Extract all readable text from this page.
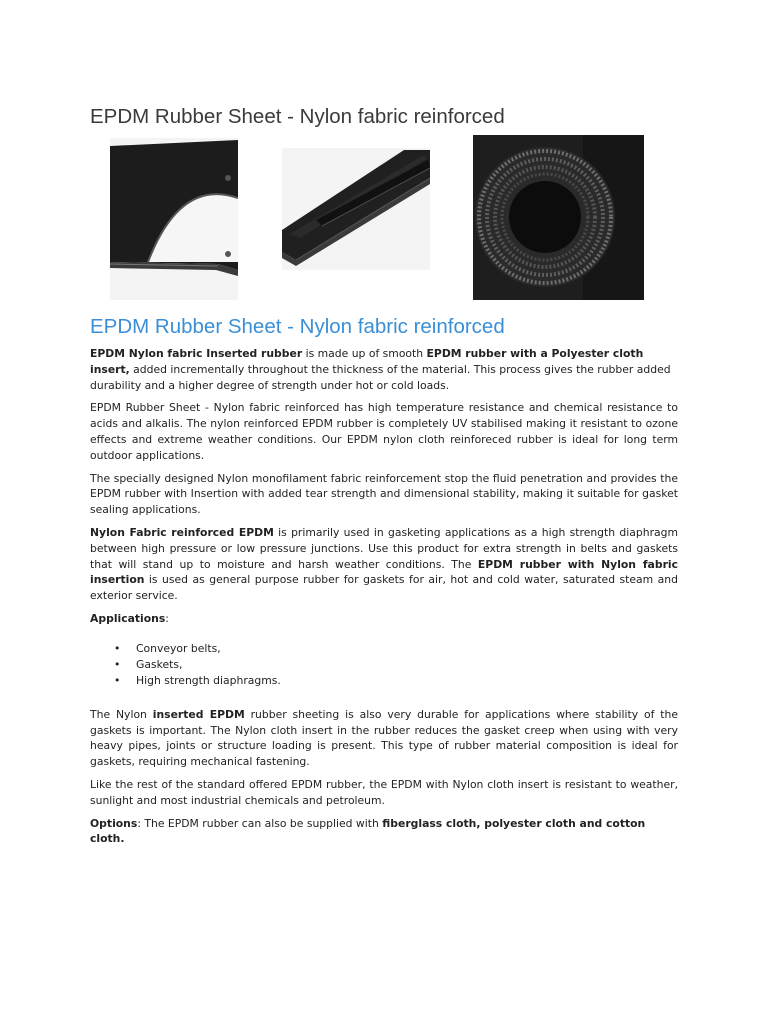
EPDM Rubber Sheet - Nylon fabric reinforced
EPDM Rubber Sheet - Nylon fabric reinforced

EPDM Nylon fabric Inserted rubber is made up of smooth EPDM rubber with a Polyester cloth insert, added incrementally throughout the thickness of the material. This process gives the rubber added durability and a higher degree of strength under hot or cold loads.

EPDM Rubber Sheet - Nylon fabric reinforced has high temperature resistance and chemical resistance to acids and alkalis. The nylon reinforced EPDM rubber is completely UV stabilised making it resistant to ozone effects and extreme weather conditions. Our EPDM nylon cloth reinforeced rubber is ideal for long term outdoor applications.

The specially designed Nylon monofilament fabric reinforcement stop the fluid penetration and provides the EPDM rubber with Insertion with added tear strength and dimensional stability, making it suitable for gasket sealing applications.

Nylon Fabric reinforced EPDM is primarily used in gasketing applications as a high strength diaphragm between high pressure or low pressure junctions. Use this product for extra strength in belts and gaskets that will stand up to moisture and harsh weather conditions. The EPDM rubber with Nylon fabric insertion is used as general purpose rubber for gaskets for air, hot and cold water, saturated steam and exterior service.

Applications:

• Conveyor belts,
• Gaskets,
• High strength diaphragms.

The Nylon inserted EPDM rubber sheeting is also very durable for applications where stability of the gaskets is important. The Nylon cloth insert in the rubber reduces the gasket creep when using with very heavy pipes, joints or structure loading is present. This type of rubber material composition is ideal for gaskets, requiring mechanical fastening.

Like the rest of the standard offered EPDM rubber, the EPDM with Nylon cloth insert is resistant to weather, sunlight and most industrial chemicals and petroleum.

Options: The EPDM rubber can also be supplied with fiberglass cloth, polyester cloth and cotton cloth.
